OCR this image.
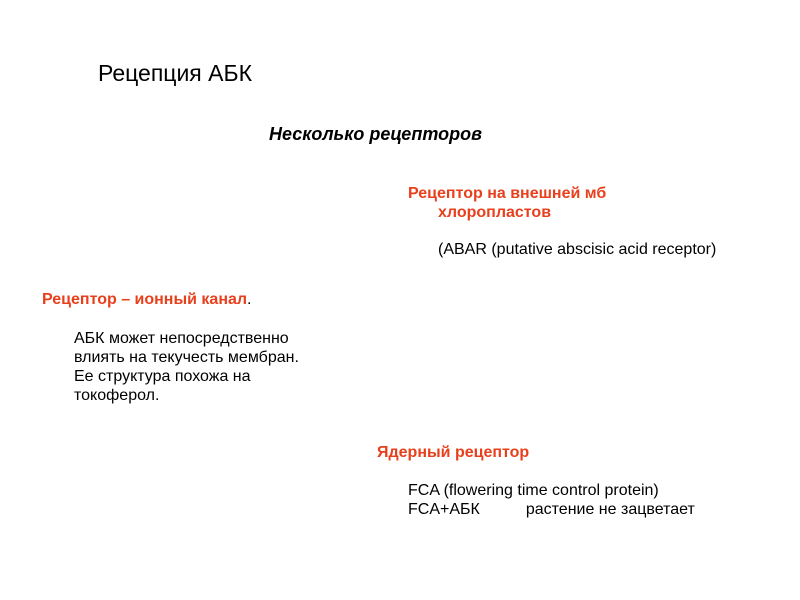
Рецепция АБК
Несколько рецепторов
Рецептор на внешней мб
хлоропластов
(ABAR (putative abscisic acid receptor)
Рецептор – ионный канал.
АБК может непосредственно
влиять на текучесть мембран.
Ее структура похожа на
токоферол.
Ядерный рецептор
FCA (flowering time control protein)
FCA+АБК	растение не зацветает
